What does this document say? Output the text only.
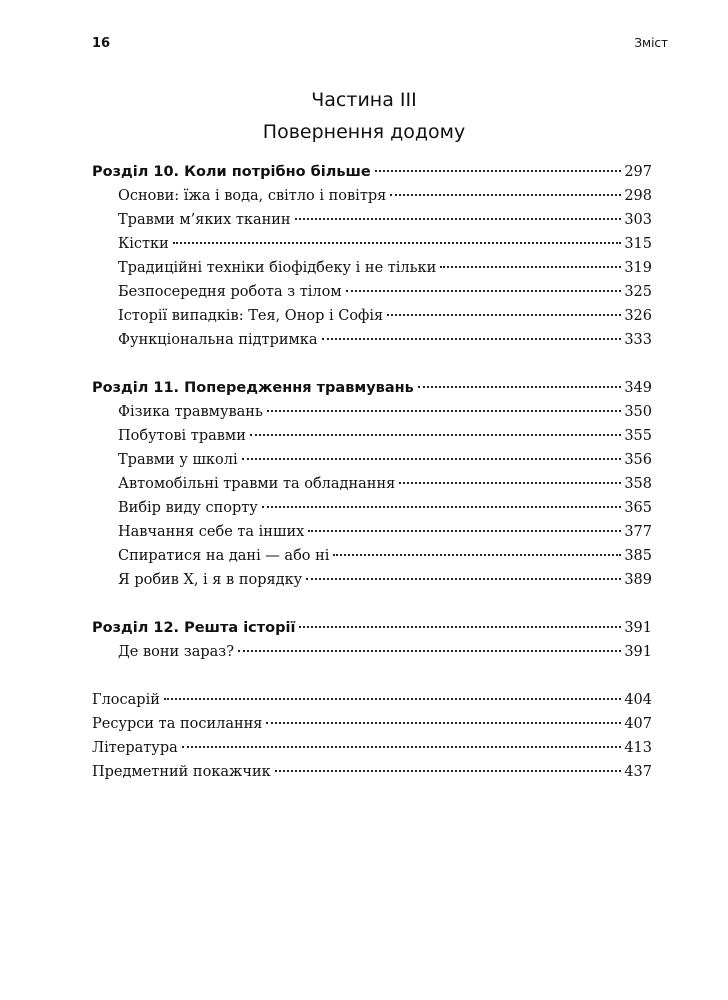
16	Зміст
Частина III
Повернення додому
Розділ 10. Коли потрібно більше	297
Основи: їжа і вода, світло і повітря	298
Травми м’яких тканин	303
Кістки	315
Традиційні техніки біофідбеку і не тільки	319
Безпосередня робота з тілом	325
Історії випадків: Тея, Онор і Софія	326
Функціональна підтримка	333
Розділ 11. Попередження травмувань	349
Фізика травмувань	350
Побутові травми	355
Травми у школі	356
Автомобільні травми та обладнання	358
Вибір виду спорту	365
Навчання себе та інших	377
Спиратися на дані — або ні	385
Я робив Х, і я в порядку	389
Розділ 12. Решта історії	391
Де вони зараз?	391
Глосарій	404
Ресурси та посилання	407
Література	413
Предметний покажчик	437
